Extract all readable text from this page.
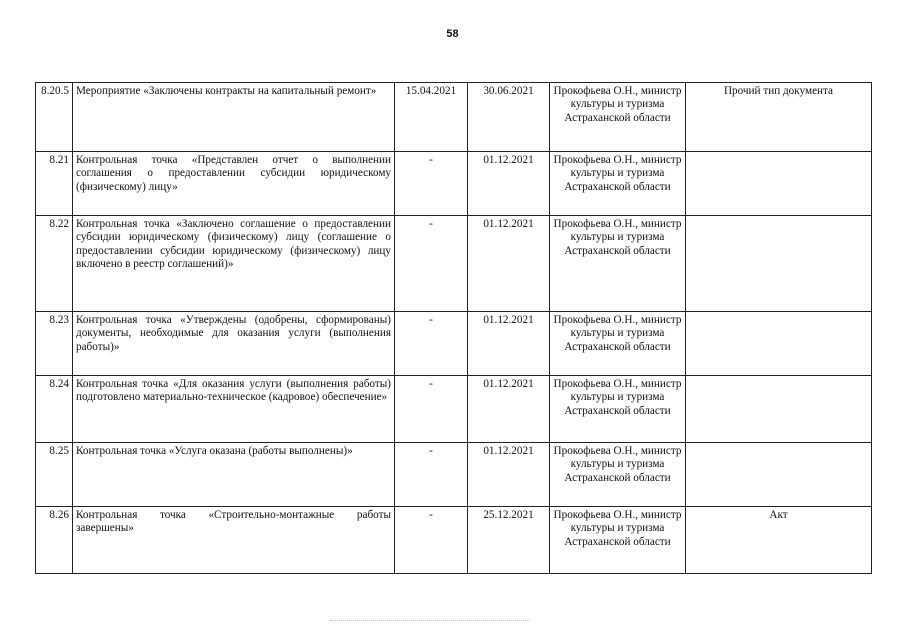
58
8.20.5	Мероприятие «Заключены контракты на капитальный ремонт»	15.04.2021	30.06.2021	Прокофьева О.Н., министр культуры и туризма Астраханской области	Прочий тип документа
8.21	Контрольная точка «Представлен отчет о выполнении соглашения о предоставлении субсидии юридическому (физическому) лицу»	-	01.12.2021	Прокофьева О.Н., министр культуры и туризма Астраханской области	
8.22	Контрольная точка «Заключено соглашение о предоставлении субсидии юридическому (физическому) лицу (соглашение о предоставлении субсидии юридическому (физическому) лицу включено в реестр соглашений)»	-	01.12.2021	Прокофьева О.Н., министр культуры и туризма Астраханской области	
8.23	Контрольная точка «Утверждены (одобрены, сформированы) документы, необходимые для оказания услуги (выполнения работы)»	-	01.12.2021	Прокофьева О.Н., министр культуры и туризма Астраханской области	
8.24	Контрольная точка «Для оказания услуги (выполнения работы) подготовлено материально-техническое (кадровое) обеспечение»	-	01.12.2021	Прокофьева О.Н., министр культуры и туризма Астраханской области	
8.25	Контрольная точка «Услуга оказана (работы выполнены)»	-	01.12.2021	Прокофьева О.Н., министр культуры и туризма Астраханской области	
8.26	Контрольная точка «Строительно-монтажные работы завершены»	-	25.12.2021	Прокофьева О.Н., министр культуры и туризма Астраханской области	Акт
